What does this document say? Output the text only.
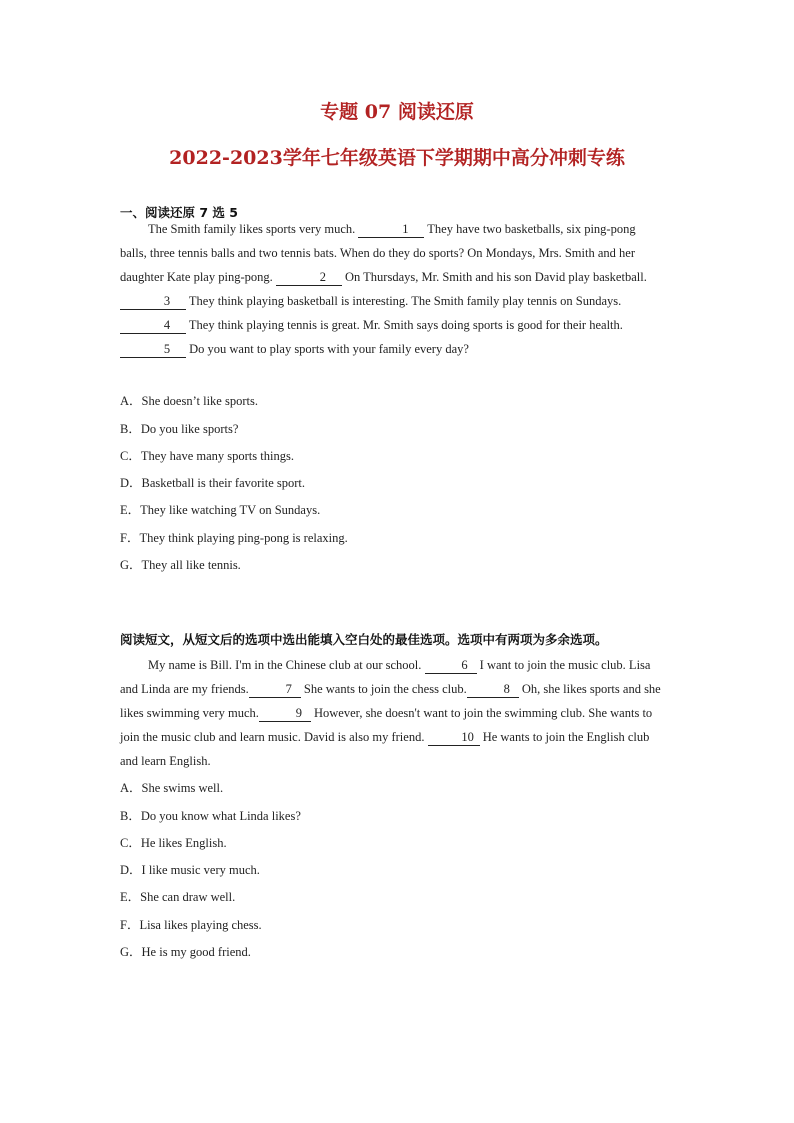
专题 07 阅读还原
2022-2023学年七年级英语下学期期中高分冲刺专练
一、阅读还原 7 选 5

The Smith family likes sports very much.	1 They have two basketballs, six ping-pong balls, three tennis balls and two tennis bats. When do they do sports? On Mondays, Mrs. Smith and her daughter Kate play ping-pong.	2 On Thursdays, Mr. Smith and his son David play basketball. 3 They think playing basketball is interesting. The Smith family play tennis on Sundays. 4 They think playing tennis is great. Mr. Smith says doing sports is good for their health. 5 Do you want to play sports with your family every day?

A．She doesn’t like sports.
B．Do you like sports?
C．They have many sports things.
D．Basketball is their favorite sport.
E．They like watching TV on Sundays.
F．They think playing ping-pong is relaxing.
G．They all like tennis.
阅读短文，从短文后的选项中选出能填入空白处的最佳选项。选项中有两项为多余选项。

My name is Bill. I'm in the Chinese club at our school.	6 I want to join the music club. Lisa and Linda are my friends.	7 She wants to join the chess club.	8 Oh, she likes sports and she likes swimming very much.	9 However, she doesn't want to join the swimming club. She wants to join the music club and learn music. David is also my friend.	10 He wants to join the English club and learn English.

A．She swims well.
B．Do you know what Linda likes?
C．He likes English.
D．I like music very much.
E．She can draw well.
F．Lisa likes playing chess.
G．He is my good friend.
